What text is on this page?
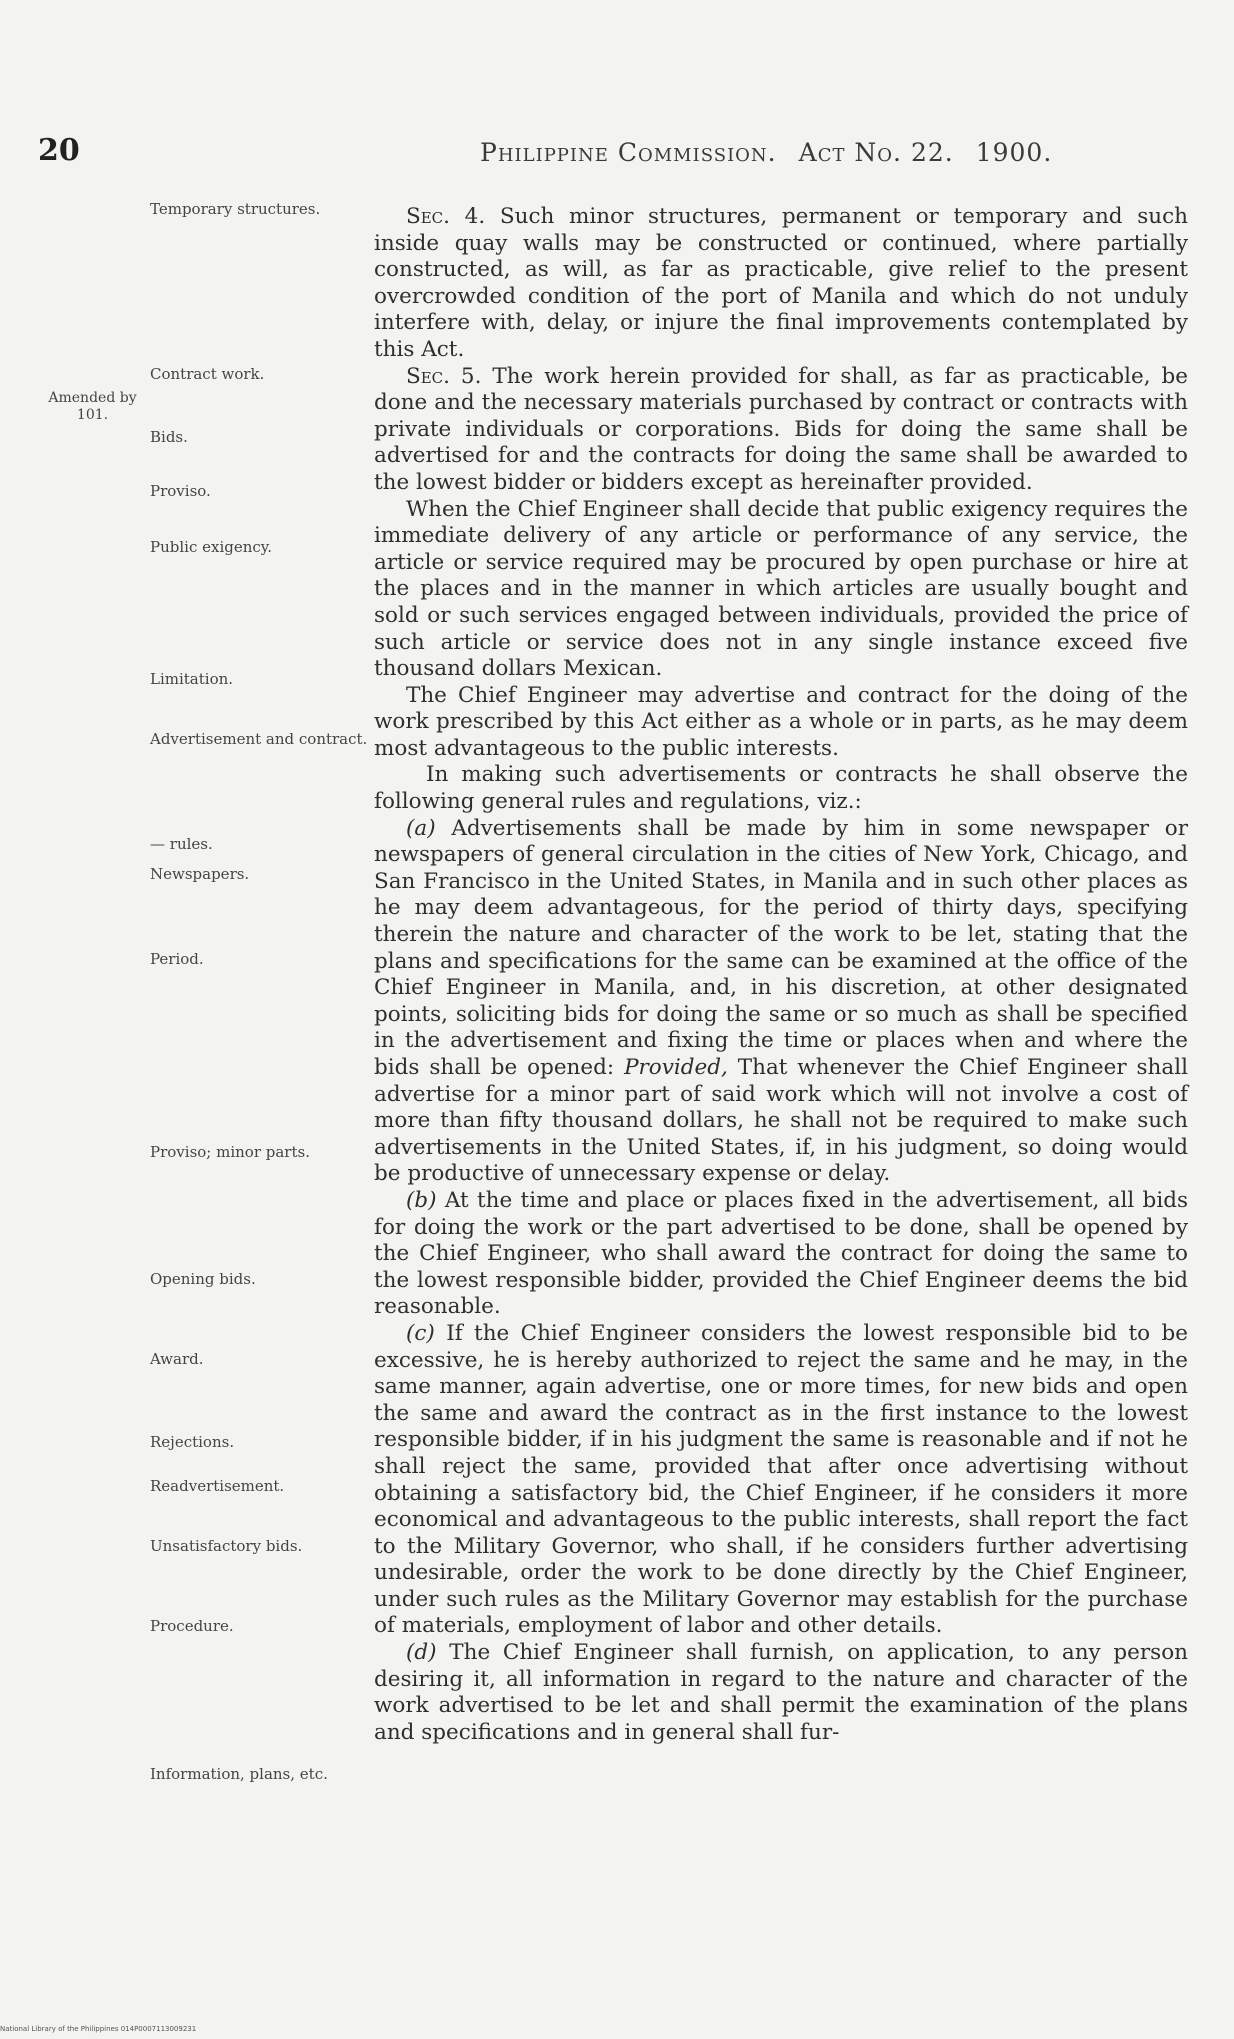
20	Philippine Commission. Act No. 22. 1900.
Amended by 101.
Temporary structures.
Contract work.
Bids.
Proviso.
Public exigency.
Limitation.
Advertisement and contract.
— rules.
Newspapers.
Period.
Proviso; minor parts.
Opening bids.
Award.
Rejections.
Readvertisement.
Unsatisfactory bids.
Procedure.
Information, plans, etc.

Sec. 4. Such minor structures, permanent or temporary and such inside quay walls may be constructed or continued, where partially constructed, as will, as far as practicable, give relief to the present overcrowded condition of the port of Manila and which do not unduly interfere with, delay, or injure the final improvements contemplated by this Act.

Sec. 5. The work herein provided for shall, as far as practicable, be done and the necessary materials purchased by contract or contracts with private individuals or corporations. Bids for doing the same shall be advertised for and the contracts for doing the same shall be awarded to the lowest bidder or bidders except as hereinafter provided.

When the Chief Engineer shall decide that public exigency requires the immediate delivery of any article or performance of any service, the article or service required may be procured by open purchase or hire at the places and in the manner in which articles are usually bought and sold or such services engaged between individuals, provided the price of such article or service does not in any single instance exceed five thousand dollars Mexican.

The Chief Engineer may advertise and contract for the doing of the work prescribed by this Act either as a whole or in parts, as he may deem most advantageous to the public interests.

In making such advertisements or contracts he shall observe the following general rules and regulations, viz.:

(a) Advertisements shall be made by him in some newspaper or newspapers of general circulation in the cities of New York, Chicago, and San Francisco in the United States, in Manila and in such other places as he may deem advantageous, for the period of thirty days, specifying therein the nature and character of the work to be let, stating that the plans and specifications for the same can be examined at the office of the Chief Engineer in Manila, and, in his discretion, at other designated points, soliciting bids for doing the same or so much as shall be specified in the advertisement and fixing the time or places when and where the bids shall be opened: Provided, That whenever the Chief Engineer shall advertise for a minor part of said work which will not involve a cost of more than fifty thousand dollars, he shall not be required to make such advertisements in the United States, if, in his judgment, so doing would be productive of unnecessary expense or delay.

(b) At the time and place or places fixed in the advertisement, all bids for doing the work or the part advertised to be done, shall be opened by the Chief Engineer, who shall award the contract for doing the same to the lowest responsible bidder, provided the Chief Engineer deems the bid reasonable.

(c) If the Chief Engineer considers the lowest responsible bid to be excessive, he is hereby authorized to reject the same and he may, in the same manner, again advertise, one or more times, for new bids and open the same and award the contract as in the first instance to the lowest responsible bidder, if in his judgment the same is reasonable and if not he shall reject the same, provided that after once advertising without obtaining a satisfactory bid, the Chief Engineer, if he considers it more economical and advantageous to the public interests, shall report the fact to the Military Governor, who shall, if he considers further advertising undesirable, order the work to be done directly by the Chief Engineer, under such rules as the Military Governor may establish for the purchase of materials, employment of labor and other details.

(d) The Chief Engineer shall furnish, on application, to any person desiring it, all information in regard to the nature and character of the work advertised to be let and shall permit the examination of the plans and specifications and in general shall fur-

National Library of the Philippines 014P0007113009231
